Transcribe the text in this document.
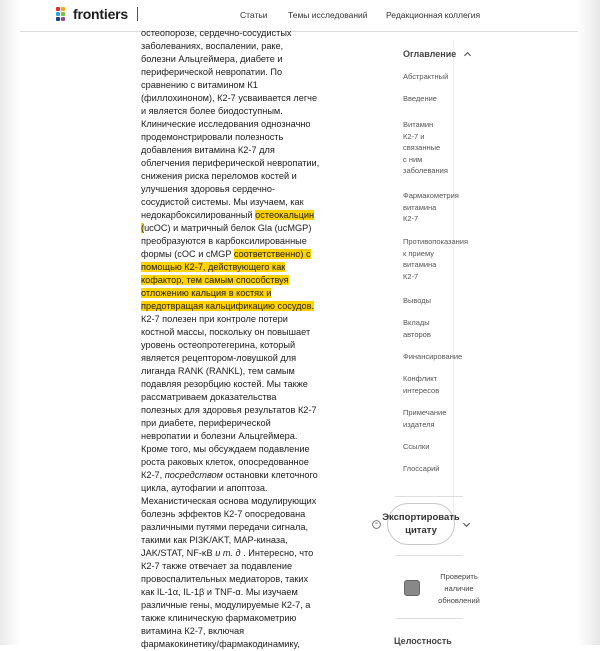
frontiers	Статьи Темы исследований Редакционная коллегия
остеопорозе, сердечно-сосудистых
заболеваниях, воспалении, раке,
болезни Альцгеймера, диабете и
периферической невропатии. По
сравнению с витамином К1
(филлохиноном), К2-7 усваивается легче
и является более биодоступным.
Клинические исследования однозначно
продемонстрировали полезность
добавления витамина К2-7 для
облегчения периферической невропатии,
снижения риска переломов костей и
улучшения здоровья сердечно-
сосудистой системы. Мы изучаем, как
недокарбоксилированный остеокальцин
(ucOC) и матричный белок Gla (ucMGP)
преобразуются в карбоксилированные
формы (cOC и cMGP соответственно) с
помощью К2-7, действующего как
кофактор, тем самым способствуя
отложению кальция в костях и
предотвращая кальцификацию сосудов.
К2-7 полезен при контроле потери
костной массы, поскольку он повышает
уровень остеопротегерина, который
является рецептором-ловушкой для
лиганда RANK (RANKL), тем самым
подавляя резорбцию костей. Мы также
рассматриваем доказательства
полезных для здоровья результатов К2-7
при диабете, периферической
невропатии и болезни Альцгеймера.
Кроме того, мы обсуждаем подавление
роста раковых клеток, опосредованное
К2-7, посредством остановки клеточного
цикла, аутофагии и апоптоза.
Механистическая основа модулирующих
болезнь эффектов К2-7 опосредована
различными путями передачи сигнала,
такими как PI3K/AKT, MAP-киназа,
JAK/STAT, NF-κB и т. д . Интересно, что
К2-7 также отвечает за подавление
провоспалительных медиаторов, таких
как IL-1α, IL-1β и TNF-α. Мы изучаем
различные гены, модулируемые К2-7, а
также клиническую фармакометрию
витамина К2-7, включая
фармакокинетику/фармакодинамику,
Оглавление
Абстрактный
Введение
Витамин
К2-7 и
связанные
с ним
заболевания
Фармакометрия
витамина
К2-7
Противопоказания
к приему
витамина
К2-7
Выводы
Вклады
авторов
Финансирование
Конфликт
интересов
Примечание
издателя
Ссылки
Глоссарий
”
Экспортировать
цитату
Проверить
наличие
обновлений
Целостность
